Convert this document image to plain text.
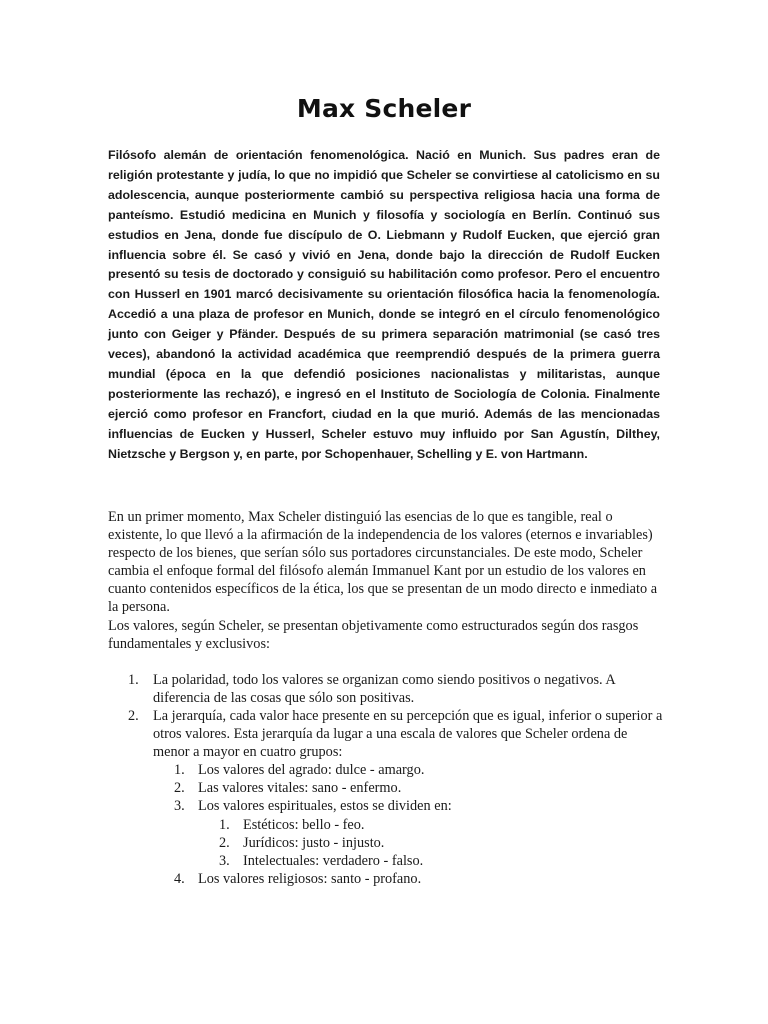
Max Scheler

Filósofo alemán de orientación fenomenológica. Nació en Munich. Sus padres eran de religión protestante y judía, lo que no impidió que Scheler se convirtiese al catolicismo en su adolescencia, aunque posteriormente cambió su perspectiva religiosa hacia una forma de panteísmo. Estudió medicina en Munich y filosofía y sociología en Berlín. Continuó sus estudios en Jena, donde fue discípulo de O. Liebmann y Rudolf Eucken, que ejerció gran influencia sobre él. Se casó y vivió en Jena, donde bajo la dirección de Rudolf Eucken presentó su tesis de doctorado y consiguió su habilitación como profesor. Pero el encuentro con Husserl en 1901 marcó decisivamente su orientación filosófica hacia la fenomenología. Accedió a una plaza de profesor en Munich, donde se integró en el círculo fenomenológico junto con Geiger y Pfänder. Después de su primera separación matrimonial (se casó tres veces), abandonó la actividad académica que reemprendió después de la primera guerra mundial (época en la que defendió posiciones nacionalistas y militaristas, aunque posteriormente las rechazó), e ingresó en el Instituto de Sociología de Colonia. Finalmente ejerció como profesor en Francfort, ciudad en la que murió. Además de las mencionadas influencias de Eucken y Husserl, Scheler estuvo muy influido por San Agustín, Dilthey, Nietzsche y Bergson y, en parte, por Schopenhauer, Schelling y E. von Hartmann.

En un primer momento, Max Scheler distinguió las esencias de lo que es tangible, real o existente, lo que llevó a la afirmación de la independencia de los valores (eternos e invariables) respecto de los bienes, que serían sólo sus portadores circunstanciales. De este modo, Scheler cambia el enfoque formal del filósofo alemán Immanuel Kant por un estudio de los valores en cuanto contenidos específicos de la ética, los que se presentan de un modo directo e inmediato a la persona.

Los valores, según Scheler, se presentan objetivamente como estructurados según dos rasgos fundamentales y exclusivos:

1. La polaridad, todo los valores se organizan como siendo positivos o negativos. A diferencia de las cosas que sólo son positivas.
2. La jerarquía, cada valor hace presente en su percepción que es igual, inferior o superior a otros valores. Esta jerarquía da lugar a una escala de valores que Scheler ordena de menor a mayor en cuatro grupos:
1. Los valores del agrado: dulce - amargo.
2. Las valores vitales: sano - enfermo.
3. Los valores espirituales, estos se dividen en:
1. Estéticos: bello - feo.
2. Jurídicos: justo - injusto.
3. Intelectuales: verdadero - falso.
4. Los valores religiosos: santo - profano.
